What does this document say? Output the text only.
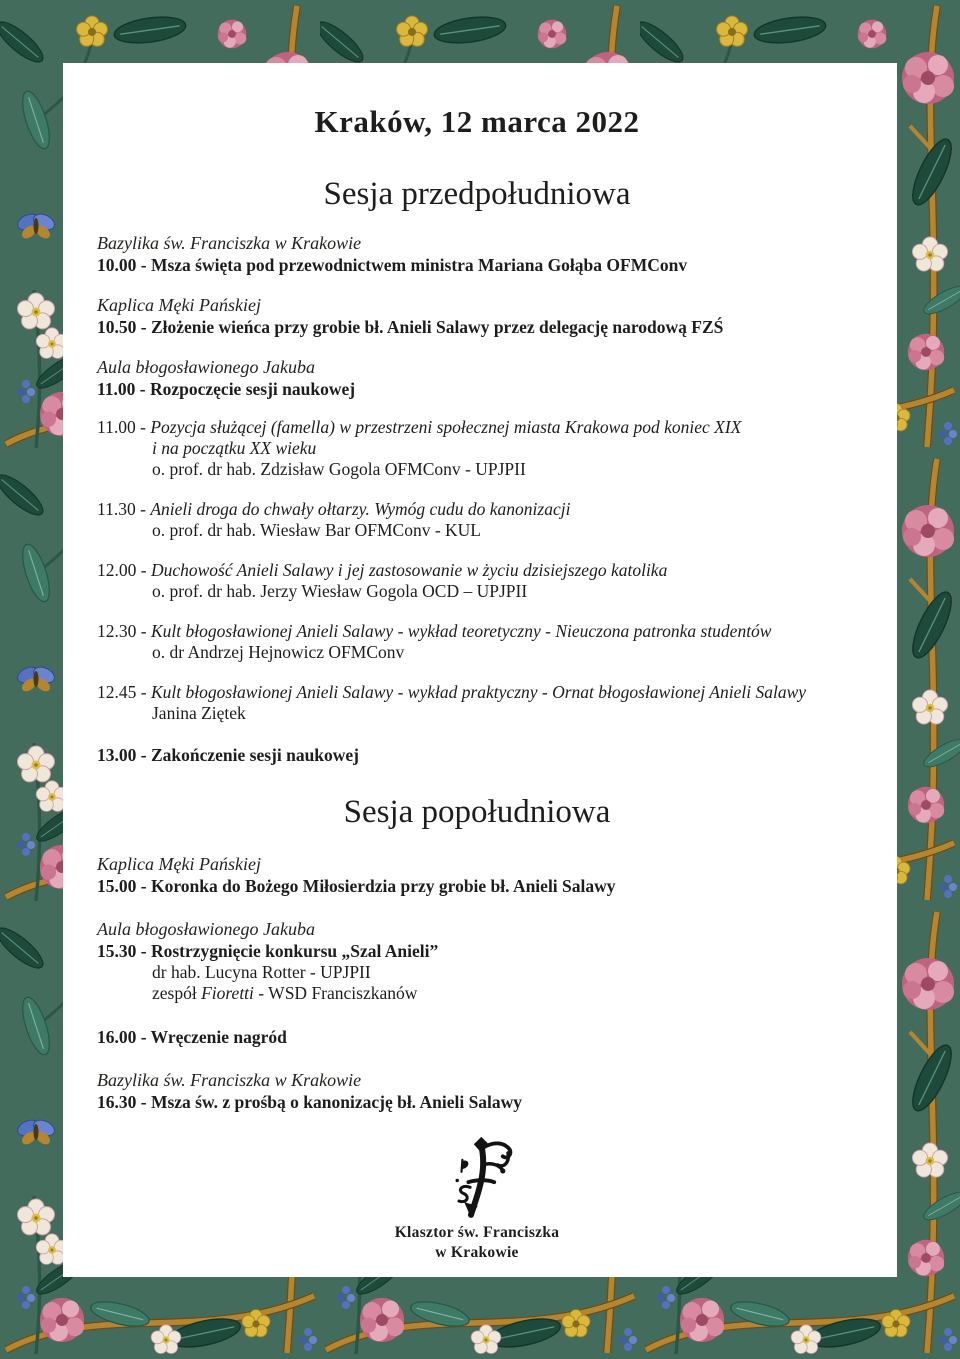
Kraków, 12 marca 2022
Sesja przedpołudniowa
Bazylika św. Franciszka w Krakowie
10.00 - Msza święta pod przewodnictwem ministra Mariana Gołąba OFMConv
Kaplica Męki Pańskiej
10.50 - Złożenie wieńca przy grobie bł. Anieli Salawy przez delegację narodową FZŚ
Aula błogosławionego Jakuba
11.00 - Rozpoczęcie sesji naukowej
11.00 - Pozycja służącej (famella) w przestrzeni społecznej miasta Krakowa pod koniec XIX
i na początku XX wieku
o. prof. dr hab. Zdzisław Gogola OFMConv - UPJPII
11.30 - Anieli droga do chwały ołtarzy. Wymóg cudu do kanonizacji
o. prof. dr hab. Wiesław Bar OFMConv - KUL
12.00 - Duchowość Anieli Salawy i jej zastosowanie w życiu dzisiejszego katolika
o. prof. dr hab. Jerzy Wiesław Gogola OCD – UPJPII
12.30 - Kult błogosławionej Anieli Salawy - wykład teoretyczny - Nieuczona patronka studentów
o. dr Andrzej Hejnowicz OFMConv
12.45 - Kult błogosławionej Anieli Salawy - wykład praktyczny - Ornat błogosławionej Anieli Salawy
Janina Ziętek
13.00 - Zakończenie sesji naukowej
Sesja popołudniowa
Kaplica Męki Pańskiej
15.00 - Koronka do Bożego Miłosierdzia przy grobie bł. Anieli Salawy
Aula błogosławionego Jakuba
15.30 - Rostrzygnięcie konkursu „Szal Anieli”
dr hab. Lucyna Rotter - UPJPII
zespół Fioretti - WSD Franciszkanów
16.00 - Wręczenie nagród
Bazylika św. Franciszka w Krakowie
16.30 - Msza św. z prośbą o kanonizację bł. Anieli Salawy
Klasztor św. Franciszka
w Krakowie
